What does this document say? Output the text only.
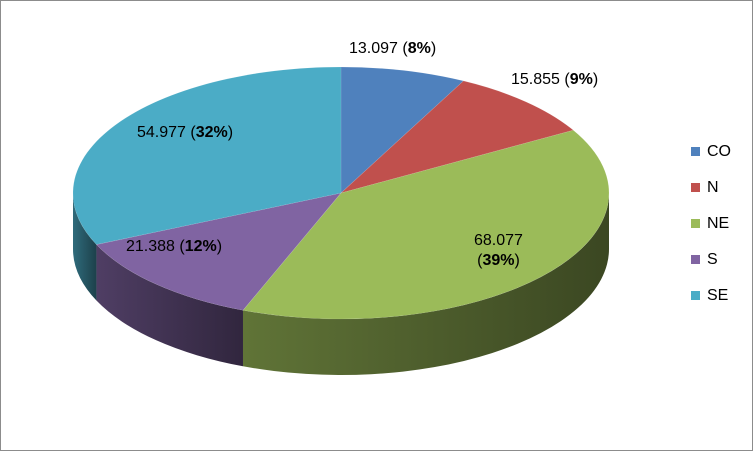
13.097 (8%)
15.855 (9%)
68.077
(39%)
21.388 (12%)
54.977 (32%)
CO
N
NE
S
SE
